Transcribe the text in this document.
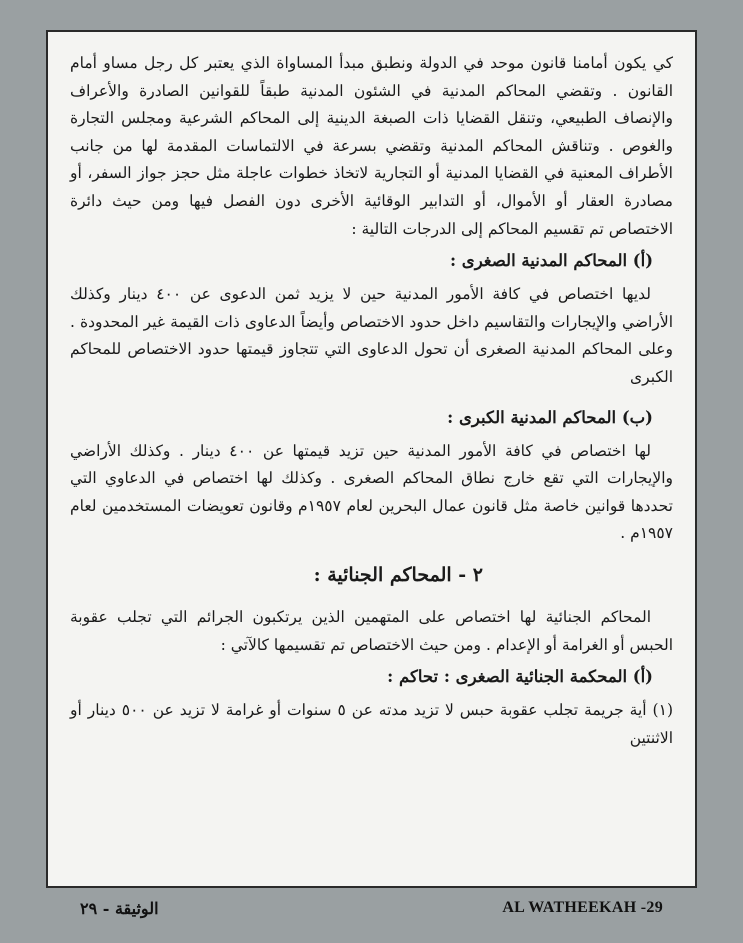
كي يكون أمامنا قانون موحد في الدولة ونطبق مبدأ المساواة الذي يعتبر كل رجل مساو أمام القانون . وتقضي المحاكم المدنية في الشئون المدنية طبقاً للقوانين الصادرة والأعراف والإنصاف الطبيعي، وتنقل القضايا ذات الصبغة الدينية إلى المحاكم الشرعية ومجلس التجارة والغوص . وتناقش المحاكم المدنية وتقضي بسرعة في الالتماسات المقدمة لها من جانب الأطراف المعنية في القضايا المدنية أو التجارية لاتخاذ خطوات عاجلة مثل حجز جواز السفر، أو مصادرة العقار أو الأموال، أو التدابير الوقائية الأخرى دون الفصل فيها ومن حيث دائرة الاختصاص تم تقسيم المحاكم إلى الدرجات التالية :

(أ) المحاكم المدنية الصغرى :

لديها اختصاص في كافة الأمور المدنية حين لا يزيد ثمن الدعوى عن ٤٠٠ دينار وكذلك الأراضي والإيجارات والتقاسيم داخل حدود الاختصاص وأيضاً الدعاوى ذات القيمة غير المحدودة . وعلى المحاكم المدنية الصغرى أن تحول الدعاوى التي تتجاوز قيمتها حدود الاختصاص للمحاكم الكبرى

(ب) المحاكم المدنية الكبرى :

لها اختصاص في كافة الأمور المدنية حين تزيد قيمتها عن ٤٠٠ دينار . وكذلك الأراضي والإيجارات التي تقع خارج نطاق المحاكم الصغرى . وكذلك لها اختصاص في الدعاوي التي تحددها قوانين خاصة مثل قانون عمال البحرين لعام ١٩٥٧م وقانون تعويضات المستخدمين لعام ١٩٥٧م .

٢ - المحاكم الجنائية :

المحاكم الجنائية لها اختصاص على المتهمين الذين يرتكبون الجرائم التي تجلب عقوبة الحبس أو الغرامة أو الإعدام . ومن حيث الاختصاص تم تقسيمها كالآتي :

(أ) المحكمة الجنائية الصغرى : تحاكم :

(١) أية جريمة تجلب عقوبة حبس لا تزيد مدته عن ٥ سنوات أو غرامة لا تزيد عن ٥٠٠ دينار أو الاثنتين

AL WATHEEKAH -29
الوثيقة - ٢٩
